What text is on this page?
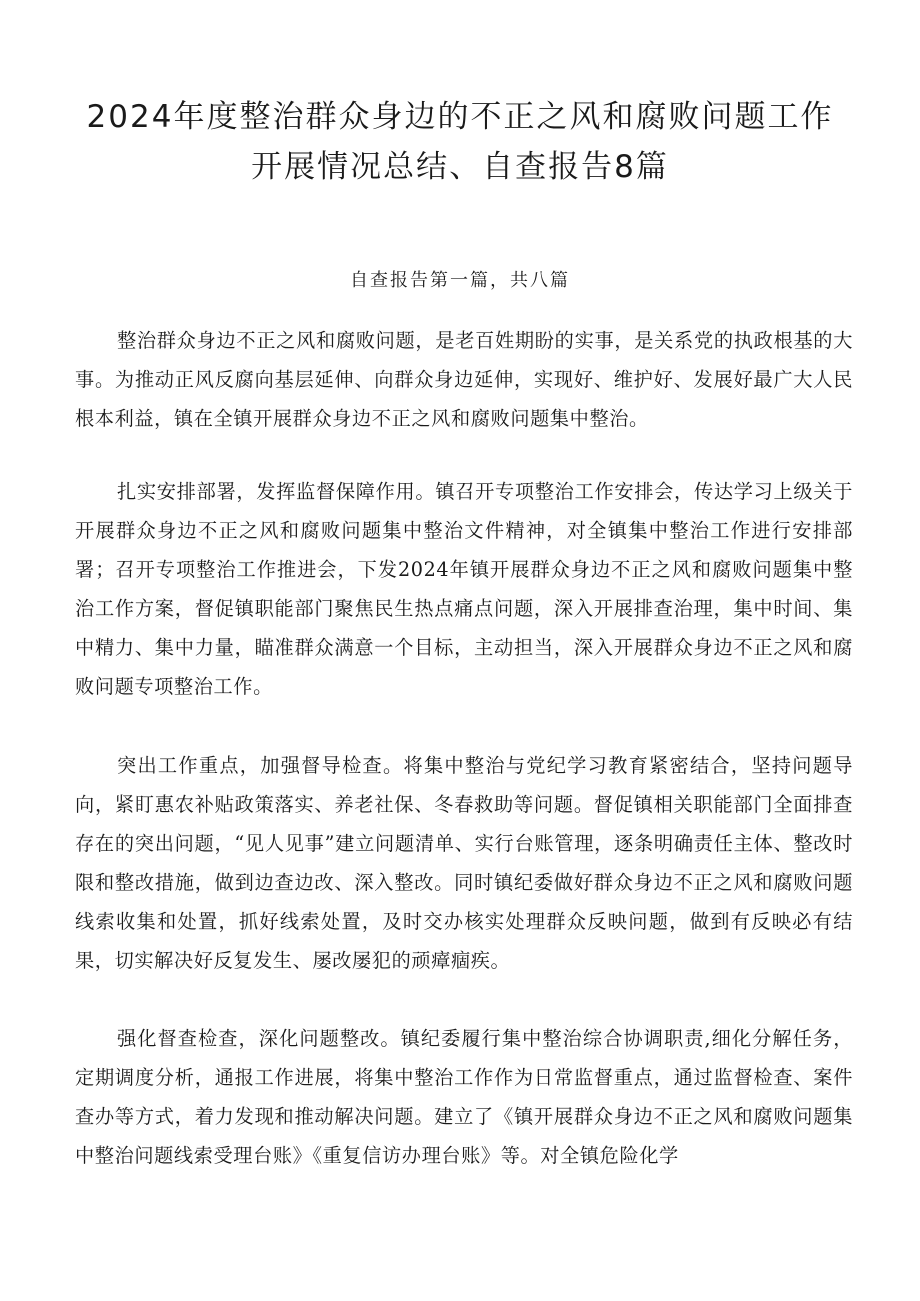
2024年度整治群众身边的不正之风和腐败问题工作
开展情况总结、自查报告8篇
自查报告第一篇，共八篇

整治群众身边不正之风和腐败问题，是老百姓期盼的实事，是关系党的执政根基的大事。为推动正风反腐向基层延伸、向群众身边延伸，实现好、维护好、发展好最广大人民根本利益，镇在全镇开展群众身边不正之风和腐败问题集中整治。

扎实安排部署，发挥监督保障作用。镇召开专项整治工作安排会，传达学习上级关于开展群众身边不正之风和腐败问题集中整治文件精神，对全镇集中整治工作进行安排部署；召开专项整治工作推进会，下发2024年镇开展群众身边不正之风和腐败问题集中整治工作方案，督促镇职能部门聚焦民生热点痛点问题，深入开展排查治理，集中时间、集中精力、集中力量，瞄准群众满意一个目标，主动担当，深入开展群众身边不正之风和腐败问题专项整治工作。

突出工作重点，加强督导检查。将集中整治与党纪学习教育紧密结合，坚持问题导向，紧盯惠农补贴政策落实、养老社保、冬春救助等问题。督促镇相关职能部门全面排查存在的突出问题，“见人见事”建立问题清单、实行台账管理，逐条明确责任主体、整改时限和整改措施，做到边查边改、深入整改。同时镇纪委做好群众身边不正之风和腐败问题线索收集和处置，抓好线索处置，及时交办核实处理群众反映问题，做到有反映必有结果，切实解决好反复发生、屡改屡犯的顽瘴痼疾。

强化督查检查，深化问题整改。镇纪委履行集中整治综合协调职责,细化分解任务，定期调度分析，通报工作进展，将集中整治工作作为日常监督重点，通过监督检查、案件查办等方式，着力发现和推动解决问题。建立了《镇开展群众身边不正之风和腐败问题集中整治问题线索受理台账》《重复信访办理台账》等。对全镇危险化学
